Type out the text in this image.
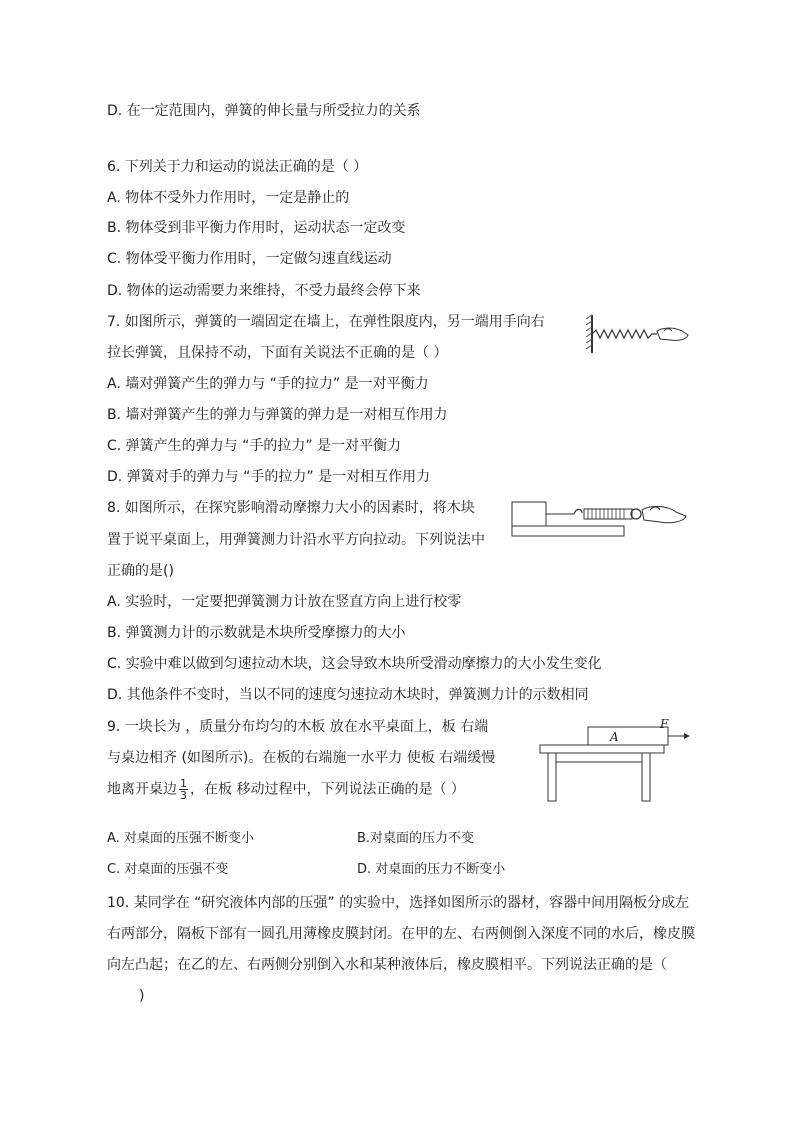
D. 在一定范围内，弹簧的伸长量与所受拉力的关系
6. 下列关于力和运动的说法正确的是（ ）
A. 物体不受外力作用时，一定是静止的
B. 物体受到非平衡力作用时，运动状态一定改变
C. 物体受平衡力作用时，一定做匀速直线运动
D. 物体的运动需要力来维持，不受力最终会停下来
7. 如图所示，弹簧的一端固定在墙上，在弹性限度内，另一端用手向右
拉长弹簧，且保持不动，下面有关说法不正确的是（ ）
A. 墙对弹簧产生的弹力与 “手的拉力” 是一对平衡力
B. 墙对弹簧产生的弹力与弹簧的弹力是一对相互作用力
C. 弹簧产生的弹力与 “手的拉力” 是一对平衡力
D. 弹簧对手的弹力与 “手的拉力” 是一对相互作用力
8. 如图所示，在探究影响滑动摩擦力大小的因素时，将木块
置于说平桌面上，用弹簧测力计沿水平方向拉动。下列说法中
正确的是()
A. 实验时，一定要把弹簧测力计放在竖直方向上进行校零
B. 弹簧测力计的示数就是木块所受摩擦力的大小
C. 实验中难以做到匀速拉动木块，这会导致木块所受滑动摩擦力的大小发生变化
D. 其他条件不变时，当以不同的速度匀速拉动木块时，弹簧测力计的示数相同
9. 一块长为 ，质量分布均匀的木板 放在水平桌面上，板 右端
与桌边相齐 (如图所示)。在板的右端施一水平力 使板 右端缓慢
地离开桌边 $\frac{1}{3}$ ，在板 移动过程中，下列说法正确的是（ ）
A. 对桌面的压强不断变小	B.对桌面的压力不变
C. 对桌面的压强不变	D. 对桌面的压力不断变小
A
F
10. 某同学在 “研究液体内部的压强” 的实验中，选择如图所示的器材，容器中间用隔板分成左
右两部分，隔板下部有一圆孔用薄橡皮膜封闭。在甲的左、右两侧倒入深度不同的水后，橡皮膜
向左凸起；在乙的左、右两侧分别倒入水和某种液体后，橡皮膜相平。下列说法正确的是（
)
